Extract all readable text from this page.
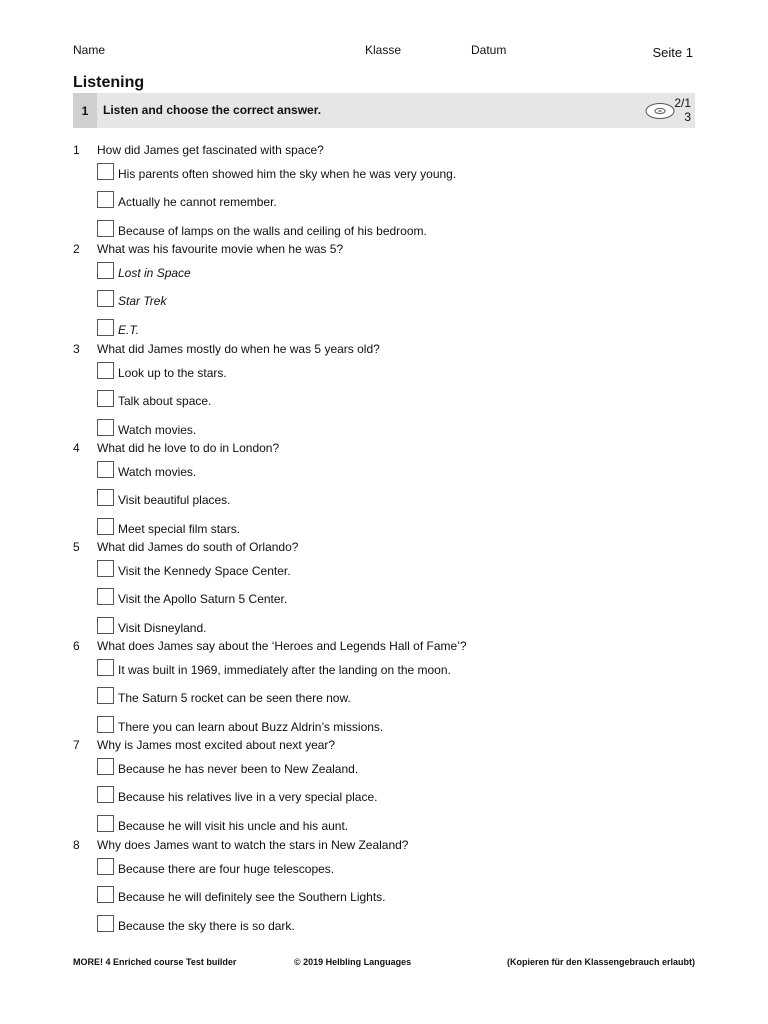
Name	Klasse	Datum	Seite 1
Listening
1	Listen and choose the correct answer.	2/1
3
1 How did James get fascinated with space?
His parents often showed him the sky when he was very young.
Actually he cannot remember.
Because of lamps on the walls and ceiling of his bedroom.
2 What was his favourite movie when he was 5?
Lost in Space
Star Trek
E.T.
3 What did James mostly do when he was 5 years old?
Look up to the stars.
Talk about space.
Watch movies.
4 What did he love to do in London?
Watch movies.
Visit beautiful places.
Meet special film stars.
5 What did James do south of Orlando?
Visit the Kennedy Space Center.
Visit the Apollo Saturn 5 Center.
Visit Disneyland.
6 What does James say about the ‘Heroes and Legends Hall of Fame’?
It was built in 1969, immediately after the landing on the moon.
The Saturn 5 rocket can be seen there now.
There you can learn about Buzz Aldrin’s missions.
7 Why is James most excited about next year?
Because he has never been to New Zealand.
Because his relatives live in a very special place.
Because he will visit his uncle and his aunt.
8 Why does James want to watch the stars in New Zealand?
Because there are four huge telescopes.
Because he will definitely see the Southern Lights.
Because the sky there is so dark.
MORE! 4 Enriched course Test builder	© 2019 Helbling Languages	(Kopieren für den Klassengebrauch erlaubt)
